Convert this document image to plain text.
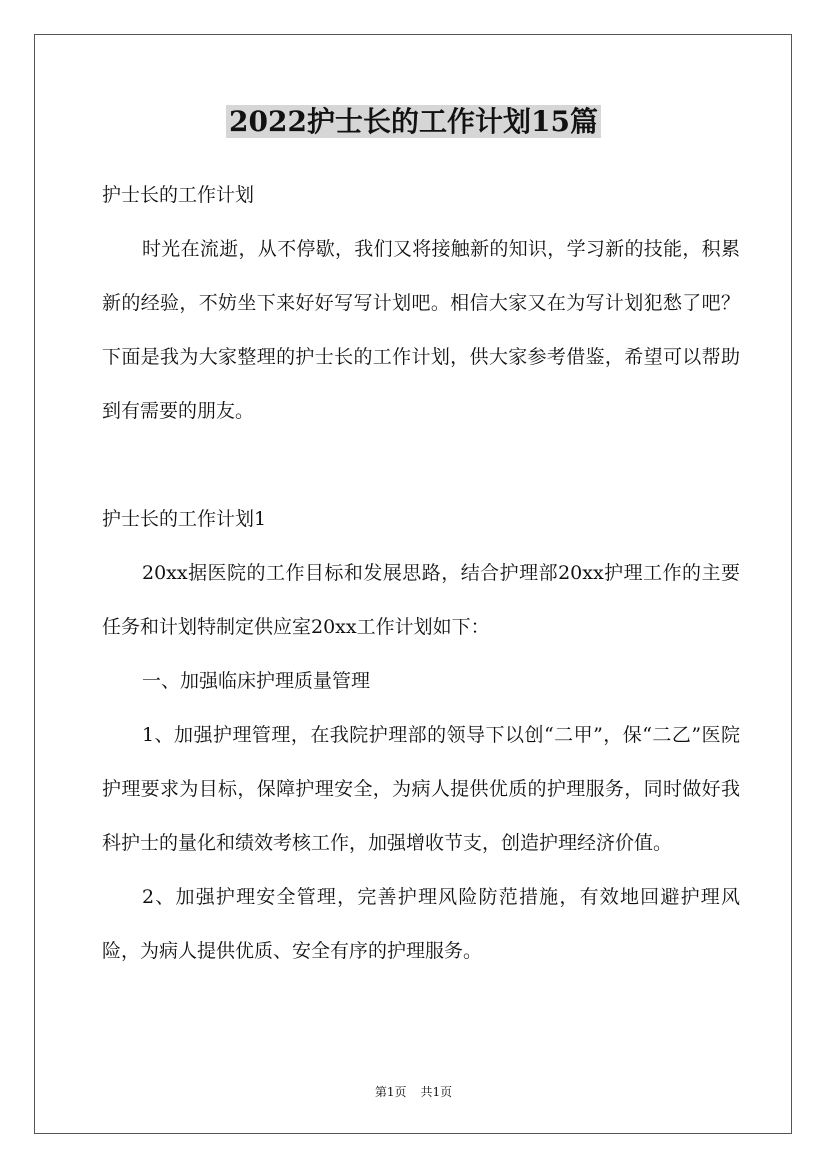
2022护士长的工作计划15篇

护士长的工作计划

时光在流逝，从不停歇，我们又将接触新的知识，学习新的技能，积累新的经验，不妨坐下来好好写写计划吧。相信大家又在为写计划犯愁了吧？下面是我为大家整理的护士长的工作计划，供大家参考借鉴，希望可以帮助到有需要的朋友。

护士长的工作计划1

20xx据医院的工作目标和发展思路，结合护理部20xx护理工作的主要任务和计划特制定供应室20xx工作计划如下：

一、加强临床护理质量管理

1、加强护理管理，在我院护理部的领导下以创“二甲”，保“二乙”医院护理要求为目标，保障护理安全，为病人提供优质的护理服务，同时做好我科护士的量化和绩效考核工作，加强增收节支，创造护理经济价值。

2、加强护理安全管理，完善护理风险防范措施，有效地回避护理风险，为病人提供优质、安全有序的护理服务。

第1页 共1页
